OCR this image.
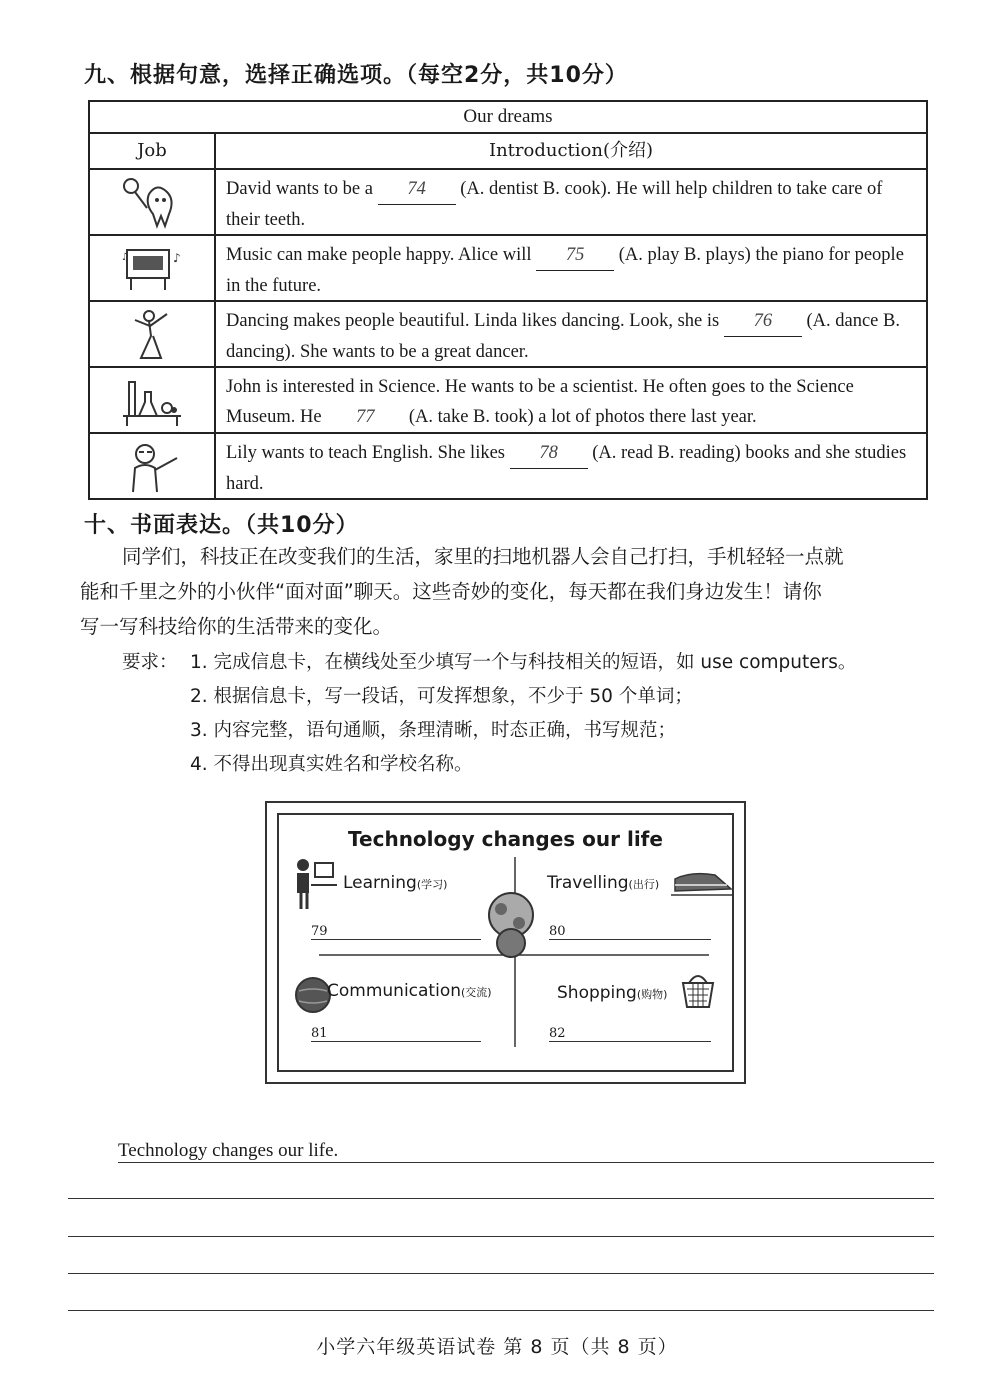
九、根据句意，选择正确选项。（每空2分，共10分）
Our dreams
Job	Introduction(介绍)
David wants to be a 74 (A. dentist B. cook). He will help children to take care of their teeth.
♪
♫	Music can make people happy. Alice will 75 (A. play B. plays) the piano for people in the future.
Dancing makes people beautiful. Linda likes dancing. Look, she is 76 (A. dance B. dancing). She wants to be a great dancer.
John is interested in Science. He wants to be a scientist. He often goes to the Science Museum. He 77 (A. take B. took) a lot of photos there last year.
Lily wants to teach English. She likes 78 (A. read B. reading) books and she studies hard.
十、书面表达。（共10分）
同学们，科技正在改变我们的生活，家里的扫地机器人会自己打扫，手机轻轻一点就
能和千里之外的小伙伴“面对面”聊天。这些奇妙的变化，每天都在我们身边发生！请你
写一写科技给你的生活带来的变化。
要求： 1. 完成信息卡，在横线处至少填写一个与科技相关的短语，如 use computers。
2. 根据信息卡，写一段话，可发挥想象，不少于 50 个单词；
3. 内容完整，语句通顺，条理清晰，时态正确，书写规范；
4. 不得出现真实姓名和学校名称。
Technology changes our life
Learning(学习)	Travelling(出行)
79	80
Communication(交流)	Shopping(购物)
81	82
Technology changes our life.
小学六年级英语试卷 第 8 页（共 8 页）
